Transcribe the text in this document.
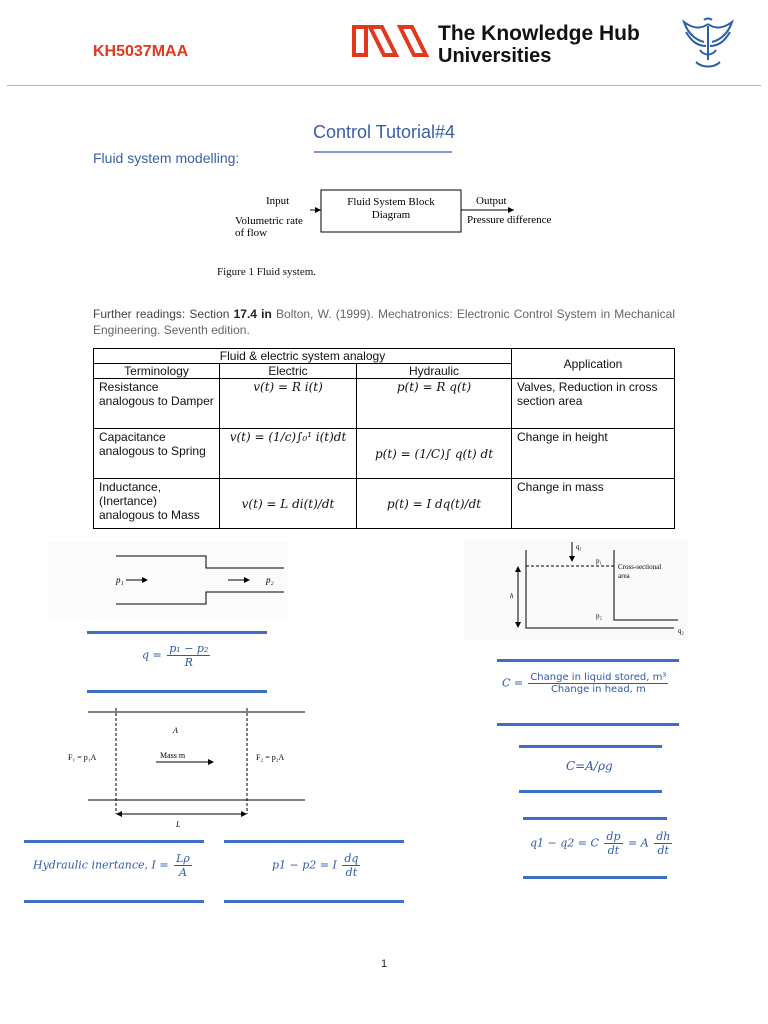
KH5037MAA
The Knowledge Hub
Universities
Control Tutorial#4
Fluid system modelling:
Input
Volumetric rate
of flow
Fluid System Block
Diagram
Output
Pressure difference
Figure 1 Fluid system.
Further readings: Section 17.4 in Bolton, W. (1999). Mechatronics: Electronic Control System in Mechanical Engineering. Seventh edition.
Fluid & electric system analogy			Application
Terminology	Electric	Hydraulic	
Resistance analogous to Damper	v(t) = R i(t)	p(t) = R q(t)	Valves, Reduction in cross section area
Capacitance analogous to Spring	v(t) = (1/c)∫₀¹ i(t)dt	p(t) = (1/C)∫ q(t) dt	Change in height
Inductance, (Inertance) analogous to Mass	v(t) = L di(t)/dt	p(t) = I dq(t)/dt	Change in mass
p₁	p₂
$q = \frac{\text{p₁ − p₂}}{R}$
q₁
p₁
Cross-sectional
area
h
p₂
q₂
$C = \frac{\text{Change in liquid stored, m³}}{\text{Change in head, m}}$
C=A/ρg
A
F₁ = p₁A	Mass m	F₂ = p₂A
L
q1 − q2 = C $\frac{dp}{dt} = A \frac{dh}{dt}$
Hydraulic inertance, $I = \frac{L\rho}{A}$	p1 − p2 = I $\frac{dq}{dt}$
1
